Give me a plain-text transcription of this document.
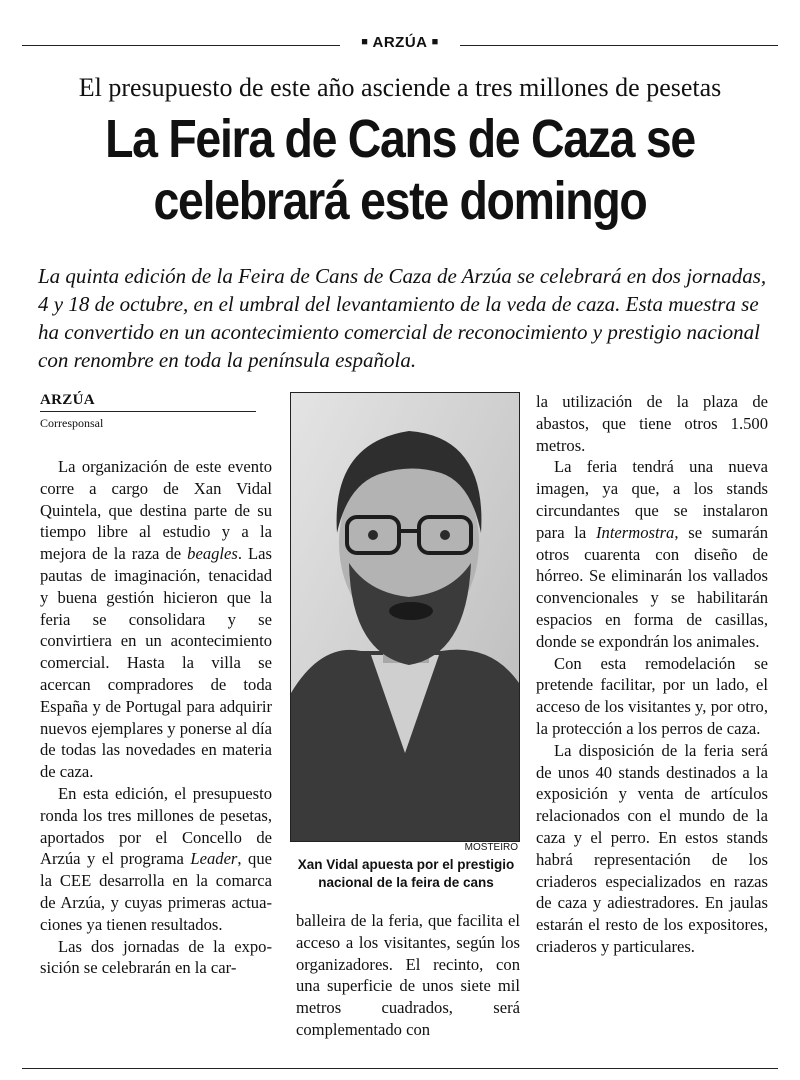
■ ARZÚA ■
El presupuesto de este año asciende a tres millones de pesetas
La Feira de Cans de Caza se
celebrará este domingo
La quinta edición de la Feira de Cans de Caza de Arzúa se celebrará en dos jornadas, 4 y 18 de octubre, en el umbral del levantamiento de la veda de caza. Esta muestra se ha convertido en un acontecimiento comercial de reconocimiento y prestigio nacional con renombre en toda la península española.
ARZÚA
Corresponsal

La organización de este evento corre a cargo de Xan Vidal Quintela, que destina parte de su tiempo libre al estudio y a la mejora de la raza de beagles. Las pautas de imaginación, tenacidad y buena gestión hicieron que la feria se consolidara y se convirtiera en un acontecimiento comercial. Hasta la villa se acercan compradores de toda España y de Portugal para adquirir nuevos ejemplares y ponerse al día de todas las novedades en materia de caza.

En esta edición, el presupuesto ronda los tres millones de pesetas, aportados por el Concello de Arzúa y el programa Leader, que la CEE desarrolla en la comarca de Arzúa, y cuyas primeras actuaciones ya tienen resultados.

Las dos jornadas de la exposición se celebrarán en la car-

MOSTEIRO
Xan Vidal apuesta por el prestigio nacional de la feira de cans

balleira de la feria, que facilita el acceso a los visitantes, según los organizadores. El recinto, con una superficie de unos siete mil metros cuadrados, será complementado con

la utilización de la plaza de abastos, que tiene otros 1.500 metros.

La feria tendrá una nueva imagen, ya que, a los stands circundantes que se instalaron para la Intermostra, se sumarán otros cuarenta con diseño de hórreo. Se eliminarán los vallados convencionales y se habilitarán espacios en forma de casillas, donde se expondrán los animales.

Con esta remodelación se pretende facilitar, por un lado, el acceso de los visitantes y, por otro, la protección a los perros de caza.

La disposición de la feria será de unos 40 stands destinados a la exposición y venta de artículos relacionados con el mundo de la caza y el perro. En estos stands habrá representación de los criaderos especializados en razas de caza y adiestradores. En jaulas estarán el resto de los expositores, criaderos y particulares.
